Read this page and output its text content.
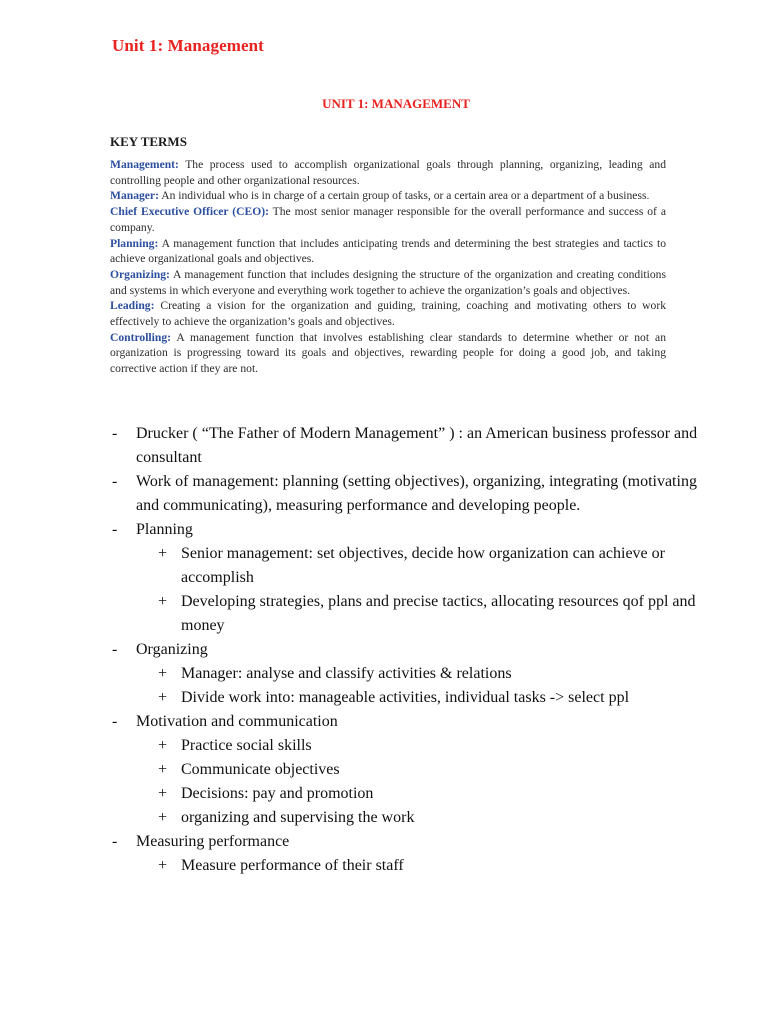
Unit 1: Management
UNIT 1: MANAGEMENT
KEY TERMS

Management: The process used to accomplish organizational goals through planning, organizing, leading and controlling people and other organizational resources.

Manager: An individual who is in charge of a certain group of tasks, or a certain area or a department of a business.

Chief Executive Officer (CEO): The most senior manager responsible for the overall performance and success of a company.

Planning: A management function that includes anticipating trends and determining the best strategies and tactics to achieve organizational goals and objectives.

Organizing: A management function that includes designing the structure of the organization and creating conditions and systems in which everyone and everything work together to achieve the organization’s goals and objectives.

Leading: Creating a vision for the organization and guiding, training, coaching and motivating others to work effectively to achieve the organization’s goals and objectives.

Controlling: A management function that involves establishing clear standards to determine whether or not an organization is progressing toward its goals and objectives, rewarding people for doing a good job, and taking corrective action if they are not.

- Drucker ( “The Father of Modern Management” ) : an American business professor and consultant
- Work of management: planning (setting objectives), organizing, integrating (motivating and communicating), measuring performance and developing people.
- Planning
+ Senior management: set objectives, decide how organization can achieve or accomplish
+ Developing strategies, plans and precise tactics, allocating resources qof ppl and money
- Organizing
+ Manager: analyse and classify activities & relations
+ Divide work into: manageable activities, individual tasks -> select ppl
- Motivation and communication
+ Practice social skills
+ Communicate objectives
+ Decisions: pay and promotion
+ organizing and supervising the work
- Measuring performance
+ Measure performance of their staff
